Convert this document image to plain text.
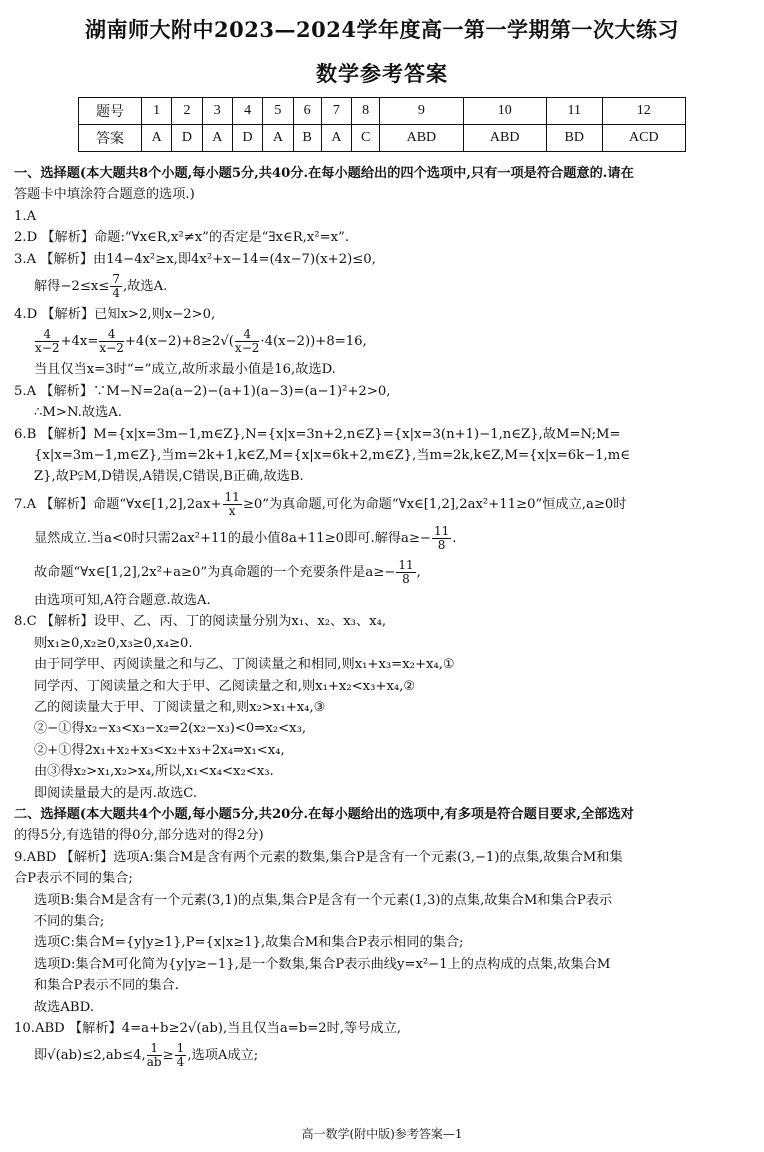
湖南师大附中2023—2024学年度高一第一学期第一次大练习
数学参考答案
题号	1	2	3	4	5	6	7	8	9	10	11	12
答案	A	D	A	D	A	B	A	C	ABD	ABD	BD	ACD

一、选择题(本大题共8个小题,每小题5分,共40分.在每小题给出的四个选项中,只有一项是符合题意的.请在

答题卡中填涂符合题意的选项.)

1.A

2.D 【解析】命题:“∀x∈R,x²≠x”的否定是“∃x∈R,x²=x”.

3.A 【解析】由14−4x²≥x,即4x²+x−14=(4x−7)(x+2)≤0,

解得$-2\le x\le \frac{7}{4}$ ,故选A.

4.D 【解析】已知x>2,则x−2>0,

$\frac{4}{x-2} +4x= \frac{4}{x-2} +4(x-2)+8\ge 2√( \frac{4}{x-2} \cdot 4(x-2))+8=16$,

当且仅当x=3时“=”成立,故所求最小值是16,故选D.

5.A 【解析】∵M−N=2a(a−2)−(a+1)(a−3)=(a−1)²+2>0,

∴M>N.故选A.

6.B 【解析】M={x|x=3m−1,m∈Z},N={x|x=3n+2,n∈Z}={x|x=3(n+1)−1,n∈Z},故M=N;M=

{x|x=3m−1,m∈Z},当m=2k+1,k∈Z,M={x|x=6k+2,m∈Z},当m=2k,k∈Z,M={x|x=6k−1,m∈

Z},故P⫋M,D错误,A错误,C错误,B正确,故选B.

7.A 【解析】命题“∀x∈[1,2],2ax+ $\frac{11}{x} \ge 0$”为真命题,可化为命题“∀x∈[1,2],2ax²+11≥0”恒成立,a≥0时

显然成立.当a<0时只需2ax²+11的最小值8a+11≥0即可.解得$a\ge- \frac{11}{8}$ .

故命题“∀x∈[1,2],2x²+a≥0”为真命题的一个充要条件是$a\ge- \frac{11}{8}$ ,

由选项可知,A符合题意.故选A.

8.C 【解析】设甲、乙、丙、丁的阅读量分别为x₁、x₂、x₃、x₄,

则x₁≥0,x₂≥0,x₃≥0,x₄≥0.

由于同学甲、丙阅读量之和与乙、丁阅读量之和相同,则x₁+x₃=x₂+x₄,①

同学丙、丁阅读量之和大于甲、乙阅读量之和,则x₁+x₂<x₃+x₄,②

乙的阅读量大于甲、丁阅读量之和,则x₂>x₁+x₄,③

②−①得x₂−x₃<x₃−x₂⇒2(x₂−x₃)<0⇒x₂<x₃,

②+①得2x₁+x₂+x₃<x₂+x₃+2x₄⇒x₁<x₄,

由③得x₂>x₁,x₂>x₄,所以,x₁<x₄<x₂<x₃.

即阅读量最大的是丙.故选C.

二、选择题(本大题共4个小题,每小题5分,共20分.在每小题给出的选项中,有多项是符合题目要求,全部选对

的得5分,有选错的得0分,部分选对的得2分)

9.ABD 【解析】选项A:集合M是含有两个元素的数集,集合P是含有一个元素(3,−1)的点集,故集合M和集

合P表示不同的集合;

选项B:集合M是含有一个元素(3,1)的点集,集合P是含有一个元素(1,3)的点集,故集合M和集合P表示

不同的集合;

选项C:集合M={y|y≥1},P={x|x≥1},故集合M和集合P表示相同的集合;

选项D:集合M可化简为{y|y≥−1},是一个数集,集合P表示曲线y=x²−1上的点构成的点集,故集合M

和集合P表示不同的集合.

故选ABD.

10.ABD 【解析】4=a+b≥2√(ab),当且仅当a=b=2时,等号成立,

即√(ab)≤2,ab≤4, $\frac{1}{ab} \ge \frac{1}{4}$ ,选项A成立;

高一数学(附中版)参考答案—1
